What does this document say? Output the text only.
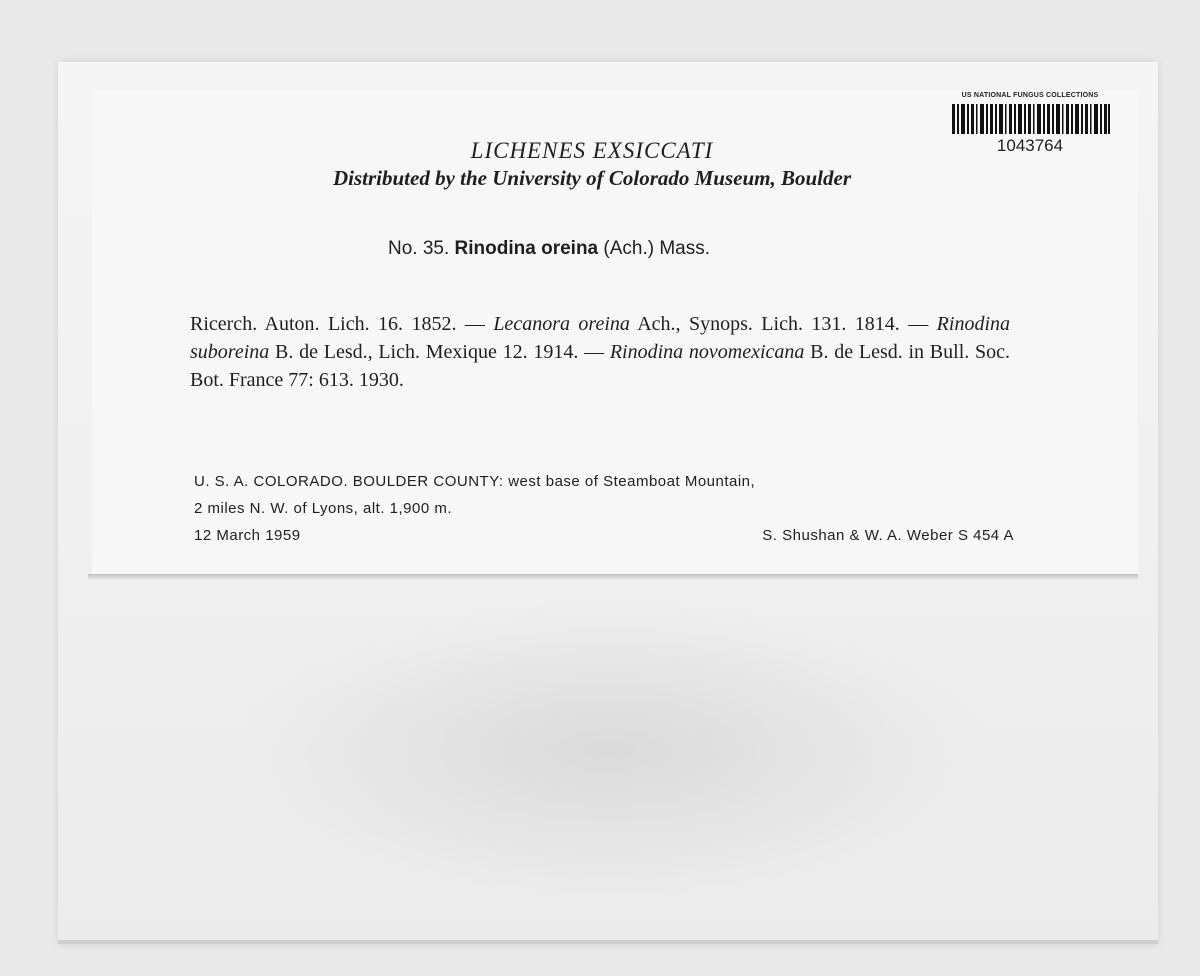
LICHENES EXSICCATI
Distributed by the University of Colorado Museum, Boulder
No. 35. Rinodina oreina (Ach.) Mass.
Ricerch. Auton. Lich. 16. 1852. — Lecanora oreina Ach., Synops. Lich. 131. 1814. — Rinodina suboreina B. de Lesd., Lich. Mexique 12. 1914. — Rinodina novomexicana B. de Lesd. in Bull. Soc. Bot. France 77: 613. 1930.
U. S. A. COLORADO. BOULDER COUNTY: west base of Steamboat Mountain,
2 miles N. W. of Lyons, alt. 1,900 m.
12 March 1959	S. Shushan & W. A. Weber S 454 A
US NATIONAL FUNGUS COLLECTIONS
1043764
